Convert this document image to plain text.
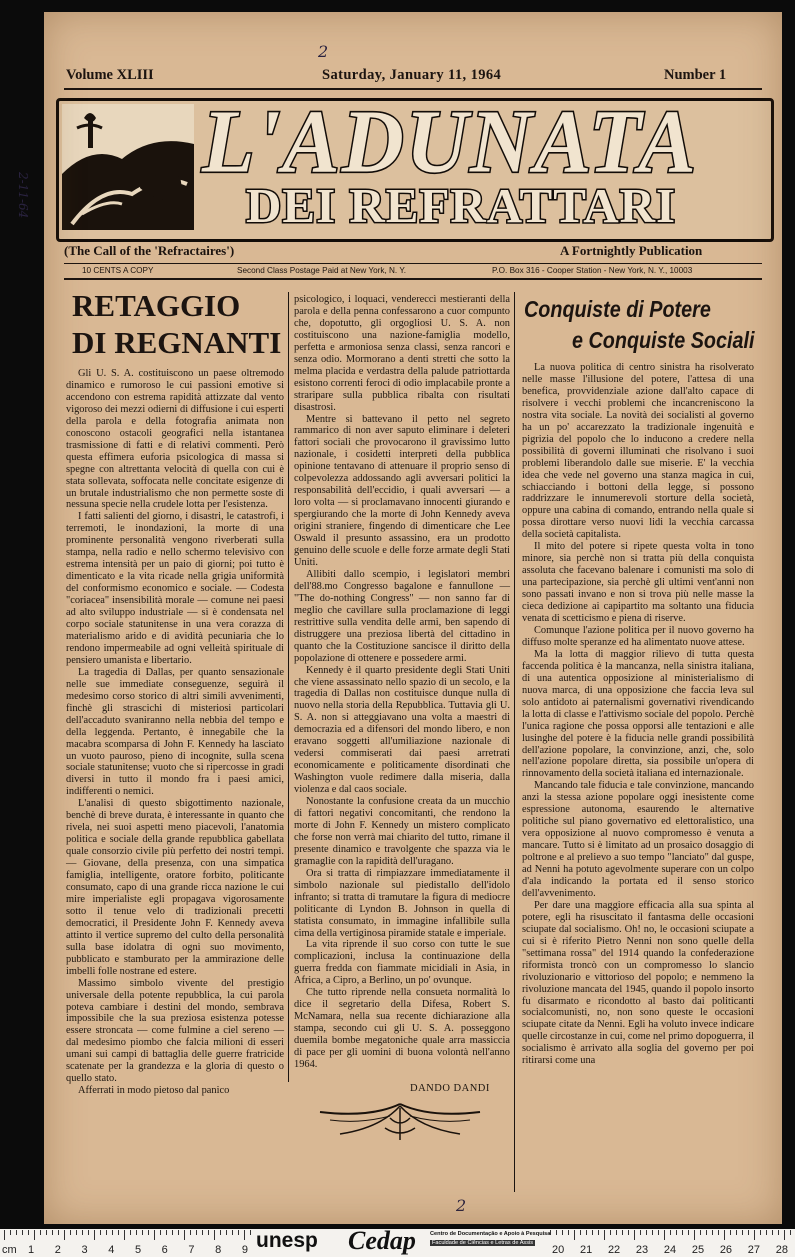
2
2-11-64
Volume XLIII	Saturday, January 11, 1964	Number 1
L'ADUNATA
DEI REFRATTARI
(The Call of the 'Refractaires')	A Fortnightly Publication
10 CENTS A COPY	Second Class Postage Paid at New York, N. Y.	P.O. Box 316 - Cooper Station - New York, N. Y., 10003
RETAGGIO
DI REGNANTI

Gli U. S. A. costituiscono un paese oltremodo dinamico e rumoroso le cui passioni emotive si accendono con estrema rapidità attizzate dal vento vigoroso dei mezzi odierni di diffusione i cui esperti della parola e della fotografia animata non conoscono ostacoli geografici nella istantanea trasmissione di fatti e di relativi commenti. Però questa effimera euforia psicologica di massa si spegne con altrettanta velocità di quella con cui è stata sollevata, soffocata nelle concitate esigenze di un brutale industrialismo che non permette soste di nessuna specie nella crudele lotta per l'esistenza.

I fatti salienti del giorno, i disastri, le catastrofi, i terremoti, le inondazioni, la morte di una prominente personalità vengono riverberati sulla stampa, nella radio e nello schermo televisivo con estrema intensità per un paio di giorni; poi tutto è dimenticato e la vita ricade nella grigia uniformità del conformismo economico e sociale. — Codesta "coriacea" insensibilità morale — comune nei paesi ad alto sviluppo industriale — si è condensata nel corpo sociale statunitense in una vera corazza di materialismo arido e di avidità pecuniaria che lo rendono impermeabile ad ogni velleità spirituale di pensiero umanista e libertario.

La tragedia di Dallas, per quanto sensazionale nelle sue immediate conseguenze, seguirà il medesimo corso storico di altri simili avvenimenti, finchè gli strascichi di misteriosi particolari dell'accaduto svaniranno nella nebbia del tempo e della leggenda. Pertanto, è innegabile che la macabra scomparsa di John F. Kennedy ha lasciato un vuoto pauroso, pieno di incognite, sulla scena sociale statunitense; vuoto che si ripercosse in gradi diversi in tutto il mondo fra i paesi amici, indifferenti o nemici.

L'analisi di questo sbigottimento nazionale, benchè di breve durata, è interessante in quanto che rivela, nei suoi aspetti meno piacevoli, l'anatomia politica e sociale della grande repubblica gabellata quale consorzio civile più perfetto dei nostri tempi. — Giovane, della presenza, con una simpatica famiglia, intelligente, oratore forbito, politicante consumato, capo di una grande ricca nazione le cui mire imperialiste egli propagava vigorosamente sotto il tenue velo di tradizionali precetti democratici, il Presidente John F. Kennedy aveva attinto il vertice supremo del culto della personalità sulla base idolatra di ogni suo movimento, pubblicato e stamburato per la ammirazione delle imbelli folle nostrane ed estere.

Massimo simbolo vivente del prestigio universale della potente repubblica, la cui parola poteva cambiare i destini del mondo, sembrava impossibile che la sua preziosa esistenza potesse essere stroncata — come fulmine a ciel sereno — dal medesimo piombo che falcia milioni di esseri umani sui campi di battaglia delle guerre fratricide scatenate per la grandezza e la gloria di questo o quello stato.

Afferrati in modo pietoso dal panico

psicologico, i loquaci, vendereccì mestieranti della parola e della penna confessarono a cuor compunto che, dopotutto, gli orgogliosi U. S. A. non costituiscono una nazione-famiglia modello, perfetta e armoniosa senza classi, senza rancori e senza odio. Mormorano a denti stretti che sotto la melma placida e verdastra della palude patriottarda esistono correnti feroci di odio implacabile pronte a straripare sulla pubblica ribalta con risultati disastrosi.

Mentre si battevano il petto nel segreto rammarico di non aver saputo eliminare i deleteri fattori sociali che provocarono il gravissimo lutto nazionale, i cosidetti interpreti della pubblica opinione tentavano di attenuare il proprio senso di colpevolezza addossando agli avversari politici la responsabilità dell'eccidio, i quali avversari — a loro volta — si proclamavano innocenti giurando e spergiurando che la morte di John Kennedy aveva origini straniere, fingendo di dimenticare che Lee Oswald il presunto assassino, era un prodotto genuino delle scuole e delle forze armate degli Stati Uniti.

Allibiti dallo scempio, i legislatori membri dell'88.mo Congresso bagalone e fannullone — "The do-nothing Congress" — non sanno far di meglio che cavillare sulla proclamazione di leggi restrittive sulla vendita delle armi, ben sapendo di distruggere una preziosa libertà del cittadino in quanto che la Costituzione sancisce il diritto della popolazione di ottenere e possedere armi.

Kennedy è il quarto presidente degli Stati Uniti che viene assassinato nello spazio di un secolo, e la tragedia di Dallas non costituisce dunque nulla di nuovo nella storia della Repubblica. Tuttavia gli U. S. A. non si atteggiavano una volta a maestri di democrazia ed a difensori del mondo libero, e non eravano soggetti all'umiliazione nazionale di vedersi commiserati dai paesi arretrati economicamente e politicamente disordinati che Washington vuole redimere dalla miseria, dalla violenza e dal caos sociale.

Nonostante la confusione creata da un mucchio di fattori negativi concomitanti, che rendono la morte di John F. Kennedy un mistero complicato che forse non verrà mai chiarito del tutto, rimane il presente dinamico e travolgente che spazza via le gramaglie con la rapidità dell'uragano.

Ora si tratta di rimpiazzare immediatamente il simbolo nazionale sul piedistallo dell'idolo infranto; si tratta di tramutare la figura di mediocre politicante di Lyndon B. Johnson in quella di statista consumato, in immagine infallibile sulla cima della vertiginosa piramide statale e imperiale.

La vita riprende il suo corso con tutte le sue complicazioni, inclusa la continuazione della guerra fredda con fiammate micidiali in Asia, in Africa, a Cipro, a Berlino, un po' ovunque.

Che tutto riprende nella consueta normalità lo dice il segretario della Difesa, Robert S. McNamara, nella sua recente dichiarazione alla stampa, secondo cui gli U. S. A. posseggono duemila bombe megatoniche quale arra massiccia di pace per gli uomini di buona volontà nell'anno 1964.

DANDO DANDI
Conquiste di Potere
e Conquiste Sociali

La nuova politica di centro sinistra ha risolverato nelle masse l'illusione del potere, l'attesa di una benefica, provvidenziale azione dall'alto capace di risolvere i vecchi problemi che incancreniscono la nostra vita sociale. La novità dei socialisti al governo ha un po' accarezzato la tradizionale ingenuità e pigrizia del popolo che lo inducono a credere nella possibilità di governi illuminati che risolvano i suoi problemi liberandolo dalle sue miserie. E' la vecchia idea che vede nel governo una stanza magica in cui, schiacciando i bottoni della legge, si possono raddrizzare le innumerevoli storture della società, oppure una cabina di comando, entrando nella quale si possa dirottare verso nuovi lidi la vecchia carcassa della società capitalista.

Il mito del potere si ripete questa volta in tono minore, sia perchè non si tratta più della conquista assoluta che facevano balenare i comunisti ma solo di una partecipazione, sia perchè gli ultimi vent'anni non sono passati invano e non si trova più nelle masse la cieca dedizione ai capipartito ma soltanto una fiducia venata di scetticismo e piena di riserve.

Comunque l'azione politica per il nuovo governo ha diffuso molte speranze ed ha alimentato nuove attese.

Ma la lotta di maggior rilievo di tutta questa faccenda politica è la mancanza, nella sinistra italiana, di una autentica opposizione al ministerialismo di nuova marca, di una opposizione che faccia leva sul solo antidoto ai paternalismi governativi rivendicando la lotta di classe e l'attivismo sociale del popolo. Perchè l'unica ragione che possa opporsi alle tentazioni e alle lusinghe del potere è la fiducia nelle grandi possibilità dell'azione popolare, la convinzione, anzi, che, solo nell'azione popolare diretta, sia possibile un'opera di rinnovamento della società italiana ed internazionale.

Mancando tale fiducia e tale convinzione, mancando anzi la stessa azione popolare oggi inesistente come espressione autonoma, esaurendo le alternative politiche sul piano governativo ed elettoralistico, una vera opposizione al nuovo compromesso è venuta a mancare. Tutto si è limitato ad un prosaico dosaggio di poltrone e al prelievo a suo tempo "lanciato" dal guspe, ad Nenni ha potuto agevolmente superare con un colpo d'ala indicando la portata ed il senso storico dell'avvenimento.

Per dare una maggiore efficacia alla sua spinta al potere, egli ha risuscitato il fantasma delle occasioni sciupate dal socialismo. Oh! no, le occasioni sciupate a cui si è riferito Pietro Nenni non sono quelle della "settimana rossa" del 1914 quando la confederazione riformista troncò con un compromesso lo slancio rivoluzionario e vittorioso del popolo; e nemmeno la rivoluzione mancata del 1945, quando il popolo insorto fu disarmato e ricondotto al basto dai politicanti socialcomunisti, no, non sono queste le occasioni sciupate citate da Nenni. Egli ha voluto invece indicare quelle circostanze in cui, come nel primo dopoguerra, il socialismo è arrivato alla soglia del governo per poi ritirarsi come una

2
cm 1 2 3 4 5 6 7 8 9 unesp Cedap	Centro de Documentação e Apoio à Pesquisa
Faculdade de Ciências e Letras de Assis
20 21 22 23 24 25 26 27 28
